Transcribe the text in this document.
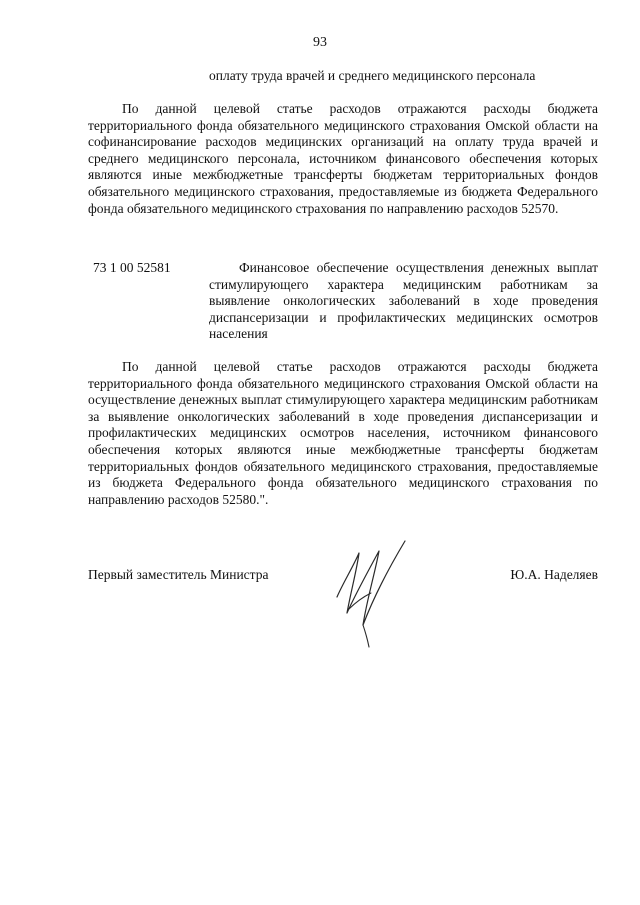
93
оплату труда врачей и среднего медицинского персонала

По данной целевой статье расходов отражаются расходы бюджета территориального фонда обязательного медицинского страхования Омской области на софинансирование расходов медицинских организаций на оплату труда врачей и среднего медицинского персонала, источником финансового обеспечения которых являются иные межбюджетные трансферты бюджетам территориальных фондов обязательного медицинского страхования, предоставляемые из бюджета Федерального фонда обязательного медицинского страхования по направлению расходов 52570.

73 1 00 52581	Финансовое обеспечение осуществления денежных выплат стимулирующего характера медицинским работникам за выявление онкологических заболеваний в ходе проведения диспансеризации и профилактических медицинских осмотров населения

По данной целевой статье расходов отражаются расходы бюджета территориального фонда обязательного медицинского страхования Омской области на осуществление денежных выплат стимулирующего характера медицинским работникам за выявление онкологических заболеваний в ходе проведения диспансеризации и профилактических медицинских осмотров населения, источником финансового обеспечения которых являются иные межбюджетные трансферты бюджетам территориальных фондов обязательного медицинского страхования, предоставляемые из бюджета Федерального фонда обязательного медицинского страхования по направлению расходов 52580.".

Первый заместитель Министра	Ю.А. Наделяев
